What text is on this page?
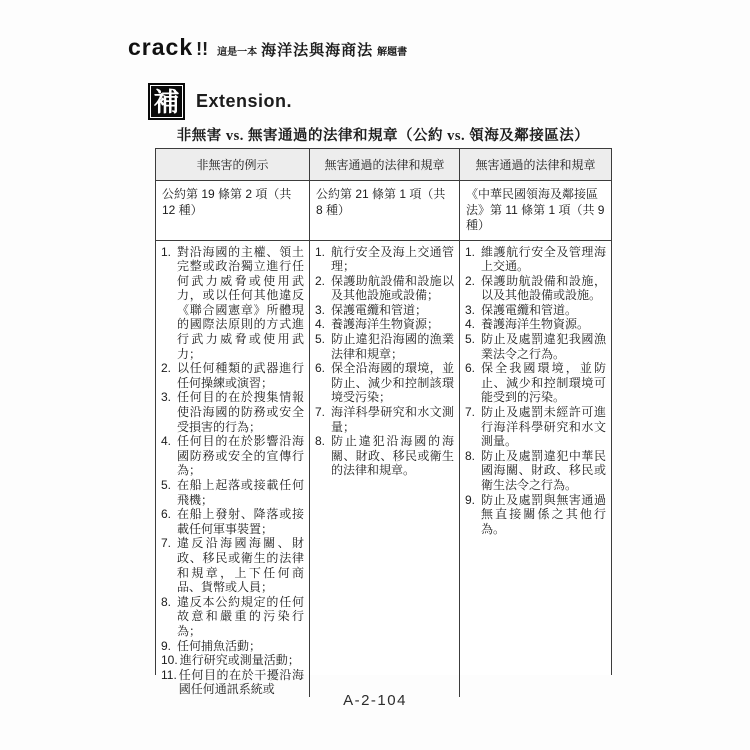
crack !! 這是一本 海洋法與海商法 解題書
補 Extension.
非無害 vs. 無害通過的法律和規章（公約 vs. 領海及鄰接區法）
非無害的例示	無害通過的法律和規章	無害通過的法律和規章
公約第 19 條第 2 項（共 12 種）
公約第 21 條第 1 項（共 8 種）
《中華民國領海及鄰接區法》第 11 條第 1 項（共 9 種）
1. 對沿海國的主權、領土完整或政治獨立進行任何武力威脅或使用武力，或以任何其他違反《聯合國憲章》所體現的國際法原則的方式進行武力威脅或使用武力；
2. 以任何種類的武器進行任何操練或演習；
3. 任何目的在於搜集情報使沿海國的防務或安全受損害的行為；
4. 任何目的在於影響沿海國防務或安全的宣傳行為；
5. 在船上起落或接載任何飛機；
6. 在船上發射、降落或接載任何軍事裝置；
7. 違反沿海國海關、財政、移民或衛生的法律和規章，上下任何商品、貨幣或人員；
8. 違反本公約規定的任何故意和嚴重的污染行為；
9. 任何捕魚活動；
10. 進行研究或測量活動；
11. 任何目的在於干擾沿海國任何通訊系統或
1. 航行安全及海上交通管理；
2. 保護助航設備和設施以及其他設施或設備；
3. 保護電纜和管道；
4. 養護海洋生物資源；
5. 防止違犯沿海國的漁業法律和規章；
6. 保全沿海國的環境，並防止、減少和控制該環境受污染；
7. 海洋科學研究和水文測量；
8. 防止違犯沿海國的海關、財政、移民或衛生的法律和規章。
1. 維護航行安全及管理海上交通。
2. 保護助航設備和設施，以及其他設備或設施。
3. 保護電纜和管道。
4. 養護海洋生物資源。
5. 防止及處罰違犯我國漁業法令之行為。
6. 保全我國環境，並防止、減少和控制環境可能受到的污染。
7. 防止及處罰未經許可進行海洋科學研究和水文測量。
8. 防止及處罰違犯中華民國海關、財政、移民或衛生法令之行為。
9. 防止及處罰與無害通過無直接關係之其他行為。
A-2-104
